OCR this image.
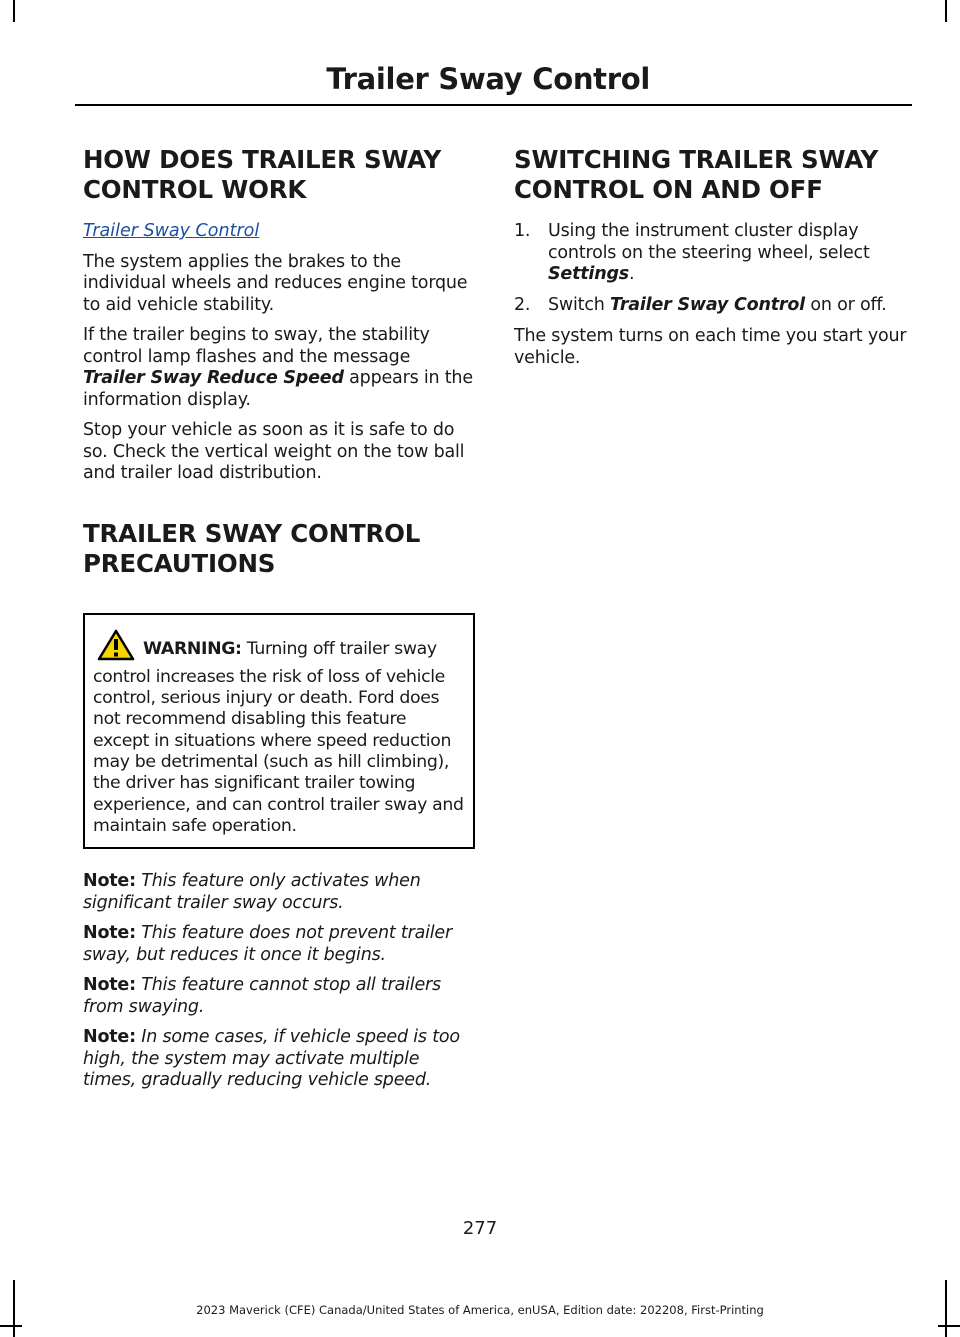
Trailer Sway Control
HOW DOES TRAILER SWAY
CONTROL WORK
Trailer Sway Control

The system applies the brakes to the individual wheels and reduces engine torque to aid vehicle stability.

If the trailer begins to sway, the stability control lamp flashes and the message Trailer Sway Reduce Speed appears in the information display.

Stop your vehicle as soon as it is safe to do so. Check the vertical weight on the tow ball and trailer load distribution.

TRAILER SWAY CONTROL
PRECAUTIONS

WARNING: Turning off trailer sway control increases the risk of loss of vehicle control, serious injury or death. Ford does not recommend disabling this feature except in situations where speed reduction may be detrimental (such as hill climbing), the driver has significant trailer towing experience, and can control trailer sway and maintain safe operation.

Note: This feature only activates when significant trailer sway occurs.

Note: This feature does not prevent trailer sway, but reduces it once it begins.

Note: This feature cannot stop all trailers from swaying.

Note: In some cases, if vehicle speed is too high, the system may activate multiple times, gradually reducing vehicle speed.

SWITCHING TRAILER SWAY
CONTROL ON AND OFF
1. Using the instrument cluster display controls on the steering wheel, select Settings.
2. Switch Trailer Sway Control on or off.

The system turns on each time you start your vehicle.

277
2023 Maverick (CFE) Canada/United States of America, enUSA, Edition date: 202208, First-Printing
